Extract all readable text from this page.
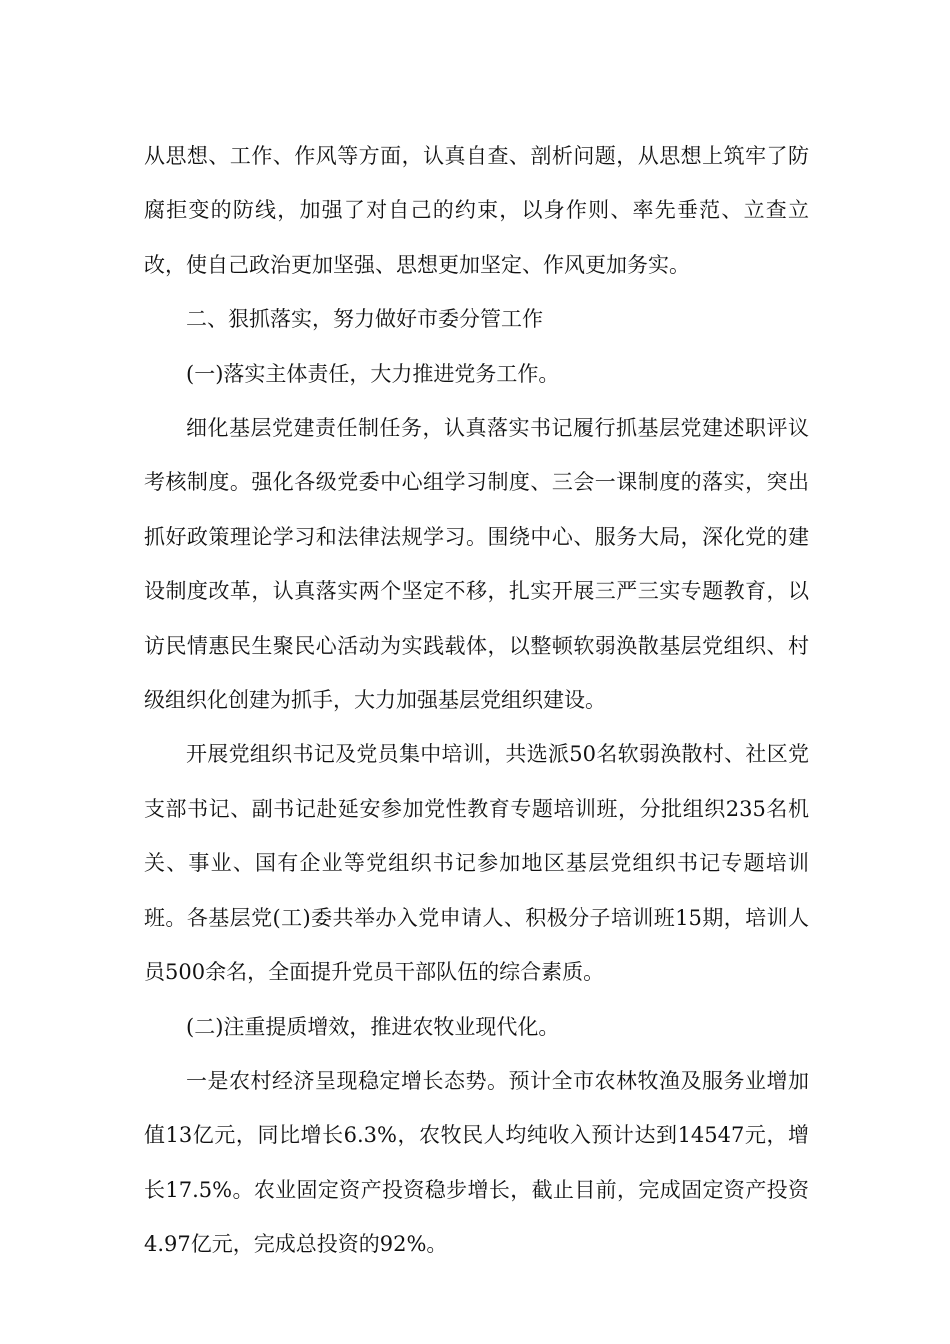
从思想、工作、作风等方面，认真自查、剖析问题，从思想上筑牢了防腐拒变的防线，加强了对自己的约束，以身作则、率先垂范、立查立改，使自己政治更加坚强、思想更加坚定、作风更加务实。

二、狠抓落实，努力做好市委分管工作

(一)落实主体责任，大力推进党务工作。

细化基层党建责任制任务，认真落实书记履行抓基层党建述职评议考核制度。强化各级党委中心组学习制度、三会一课制度的落实，突出抓好政策理论学习和法律法规学习。围绕中心、服务大局，深化党的建设制度改革，认真落实两个坚定不移，扎实开展三严三实专题教育，以访民情惠民生聚民心活动为实践载体，以整顿软弱涣散基层党组织、村级组织化创建为抓手，大力加强基层党组织建设。

开展党组织书记及党员集中培训，共选派50名软弱涣散村、社区党支部书记、副书记赴延安参加党性教育专题培训班，分批组织235名机关、事业、国有企业等党组织书记参加地区基层党组织书记专题培训班。各基层党(工)委共举办入党申请人、积极分子培训班15期，培训人员500余名，全面提升党员干部队伍的综合素质。

(二)注重提质增效，推进农牧业现代化。

一是农村经济呈现稳定增长态势。预计全市农林牧渔及服务业增加值13亿元，同比增长6.3%，农牧民人均纯收入预计达到14547元，增长17.5%。农业固定资产投资稳步增长，截止目前，完成固定资产投资4.97亿元，完成总投资的92%。
